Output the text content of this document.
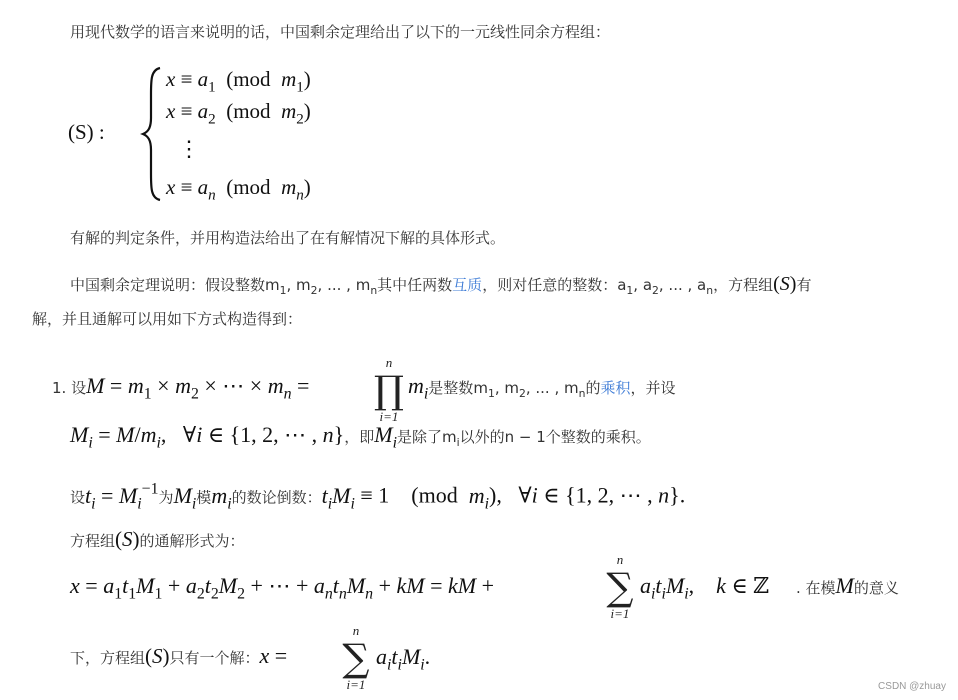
用现代数学的语言来说明的话，中国剩余定理给出了以下的一元线性同余方程组：
(S) :
$x \equiv a_1$  (mod  $m_1$)
$x \equiv a_2$  (mod  $m_2$)
⋮
$x \equiv a_n$  (mod  $m_n$)
有解的判定条件，并用构造法给出了在有解情况下解的具体形式。
中国剩余定理说明：假设整数$m_1$, $m_2$, ... , $m_n$其中任两数互质，则对任意的整数：$a_1$, $a_2$, ... , $a_n$，方程组(S)有
解，并且通解可以用如下方式构造得到：
1. 设$M = m_1 \times m_2$ × ⋯ × $m_n$ =
n
∏
i=1
$m_i$是整数$m_1$, $m_2$, ... , $m_n$的乘积，并设
$M_i = M/m_i$,   ∀i ∈ {1, 2, ⋯ , n}，即$M_i$是除了$m_i$以外的n − 1个整数的乘积。
设$t_i = M_i^{-1}$为$M_i$模$m_i$的数论倒数：$t_iM_i \equiv 1$    (mod  $m_i$),   ∀i ∈ {1, 2, ⋯ , n}.
方程组(S)的通解形式为：
$x = a_1t_1M_1 + a_2t_2M_2$ + ⋯ + $a_nt_nM_n$ + kM = kM +
n
∑
i=1
$a_it_iM_i$,    k ∈ ℤ . 在模M的意义
下，方程组(S)只有一个解：x =
n
∑
i=1
$a_it_iM_i$.
CSDN @zhuay
